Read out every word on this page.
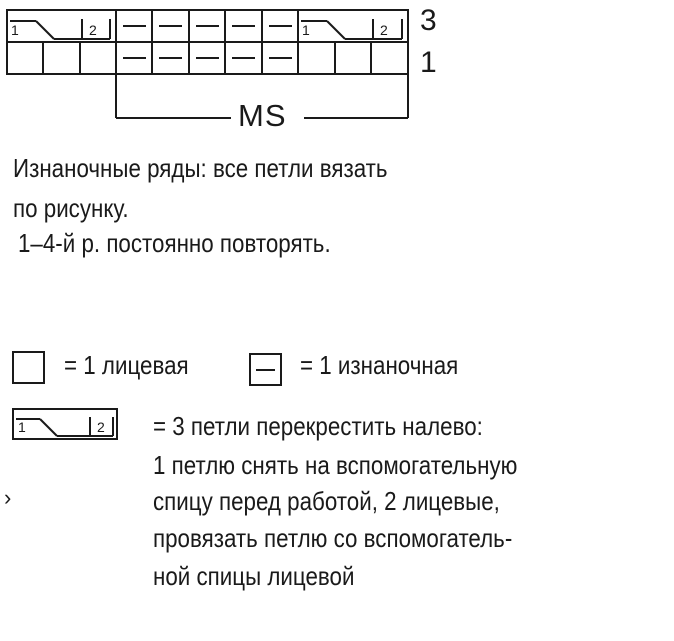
1	2	1	2
MS
3
1
Изнаночные ряды: все петли вязать
по рисунку.
1–4-й р. постоянно повторять.
= 1 лицевая	= 1 изнаночная
1	2 = 3 петли перекрестить налево:
1 петлю снять на вспомогательную
спицу перед работой, 2 лицевые,
провязать петлю со вспомогатель-
ной спицы лицевой
›
